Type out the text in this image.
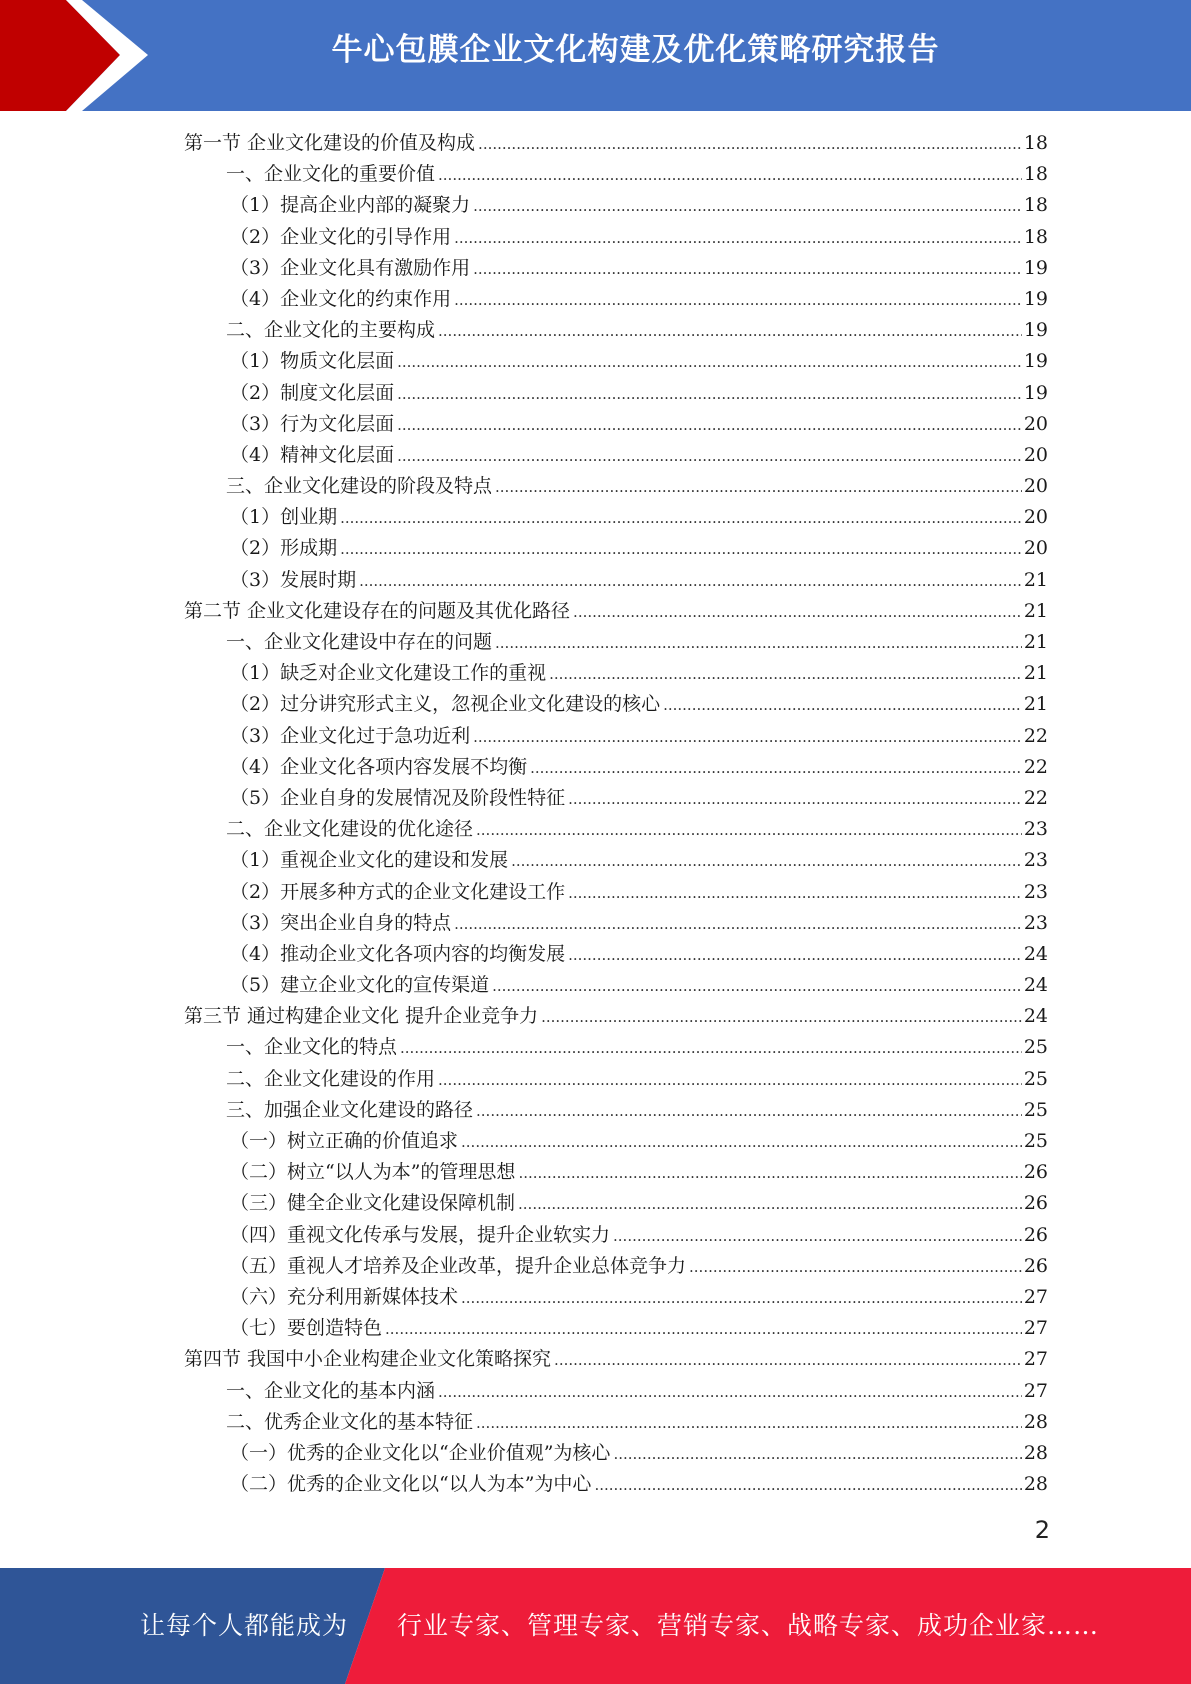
牛心包膜企业文化构建及优化策略研究报告
第一节 企业文化建设的价值及构成 .....	18
一、企业文化的重要价值 .....	18
（1）提高企业内部的凝聚力 .....	18
（2）企业文化的引导作用 .....	18
（3）企业文化具有激励作用 .....	19
（4）企业文化的约束作用 .....	19
二、企业文化的主要构成 .....	19
（1）物质文化层面 .....	19
（2）制度文化层面 .....	19
（3）行为文化层面 .....	20
（4）精神文化层面 .....	20
三、企业文化建设的阶段及特点 .....	20
（1）创业期 .....	20
（2）形成期 .....	20
（3）发展时期 .....	21
第二节 企业文化建设存在的问题及其优化路径 .....	21
一、企业文化建设中存在的问题 .....	21
（1）缺乏对企业文化建设工作的重视 .....	21
（2）过分讲究形式主义，忽视企业文化建设的核心 .....	21
（3）企业文化过于急功近利 .....	22
（4）企业文化各项内容发展不均衡 .....	22
（5）企业自身的发展情况及阶段性特征 .....	22
二、企业文化建设的优化途径 .....	23
（1）重视企业文化的建设和发展 .....	23
（2）开展多种方式的企业文化建设工作 .....	23
（3）突出企业自身的特点 .....	23
（4）推动企业文化各项内容的均衡发展 .....	24
（5）建立企业文化的宣传渠道 .....	24
第三节 通过构建企业文化 提升企业竞争力 .....	24
一、企业文化的特点 .....	25
二、企业文化建设的作用 .....	25
三、加强企业文化建设的路径 .....	25
（一）树立正确的价值追求 .....	25
（二）树立“以人为本”的管理思想 .....	26
（三）健全企业文化建设保障机制 .....	26
（四）重视文化传承与发展，提升企业软实力 .....	26
（五）重视人才培养及企业改革，提升企业总体竞争力 .....	26
（六）充分利用新媒体技术 .....	27
（七）要创造特色 .....	27
第四节 我国中小企业构建企业文化策略探究 .....	27
一、企业文化的基本内涵 .....	27
二、优秀企业文化的基本特征 .....	28
（一）优秀的企业文化以“企业价值观”为核心 .....	28
（二）优秀的企业文化以“以人为本”为中心 .....	28
2
让每个人都能成为 行业专家、管理专家、营销专家、战略专家、成功企业家……
